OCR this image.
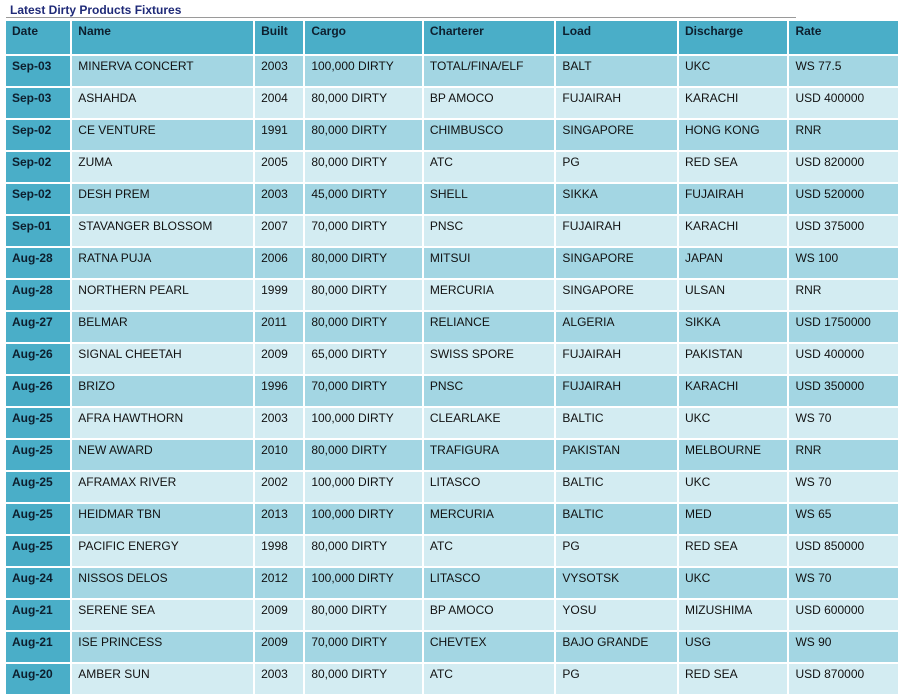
Latest Dirty Products Fixtures
Date	Name	Built	Cargo	Charterer	Load	Discharge	Rate
Sep-03	MINERVA CONCERT	2003	100,000 DIRTY	TOTAL/FINA/ELF	BALT	UKC	WS 77.5
Sep-03	ASHAHDA	2004	80,000 DIRTY	BP AMOCO	FUJAIRAH	KARACHI	USD 400000
Sep-02	CE VENTURE	1991	80,000 DIRTY	CHIMBUSCO	SINGAPORE	HONG KONG	RNR
Sep-02	ZUMA	2005	80,000 DIRTY	ATC	PG	RED SEA	USD 820000
Sep-02	DESH PREM	2003	45,000 DIRTY	SHELL	SIKKA	FUJAIRAH	USD 520000
Sep-01	STAVANGER BLOSSOM	2007	70,000 DIRTY	PNSC	FUJAIRAH	KARACHI	USD 375000
Aug-28	RATNA PUJA	2006	80,000 DIRTY	MITSUI	SINGAPORE	JAPAN	WS 100
Aug-28	NORTHERN PEARL	1999	80,000 DIRTY	MERCURIA	SINGAPORE	ULSAN	RNR
Aug-27	BELMAR	2011	80,000 DIRTY	RELIANCE	ALGERIA	SIKKA	USD 1750000
Aug-26	SIGNAL CHEETAH	2009	65,000 DIRTY	SWISS SPORE	FUJAIRAH	PAKISTAN	USD 400000
Aug-26	BRIZO	1996	70,000 DIRTY	PNSC	FUJAIRAH	KARACHI	USD 350000
Aug-25	AFRA HAWTHORN	2003	100,000 DIRTY	CLEARLAKE	BALTIC	UKC	WS 70
Aug-25	NEW AWARD	2010	80,000 DIRTY	TRAFIGURA	PAKISTAN	MELBOURNE	RNR
Aug-25	AFRAMAX RIVER	2002	100,000 DIRTY	LITASCO	BALTIC	UKC	WS 70
Aug-25	HEIDMAR TBN	2013	100,000 DIRTY	MERCURIA	BALTIC	MED	WS 65
Aug-25	PACIFIC ENERGY	1998	80,000 DIRTY	ATC	PG	RED SEA	USD 850000
Aug-24	NISSOS DELOS	2012	100,000 DIRTY	LITASCO	VYSOTSK	UKC	WS 70
Aug-21	SERENE SEA	2009	80,000 DIRTY	BP AMOCO	YOSU	MIZUSHIMA	USD 600000
Aug-21	ISE PRINCESS	2009	70,000 DIRTY	CHEVTEX	BAJO GRANDE	USG	WS 90
Aug-20	AMBER SUN	2003	80,000 DIRTY	ATC	PG	RED SEA	USD 870000
